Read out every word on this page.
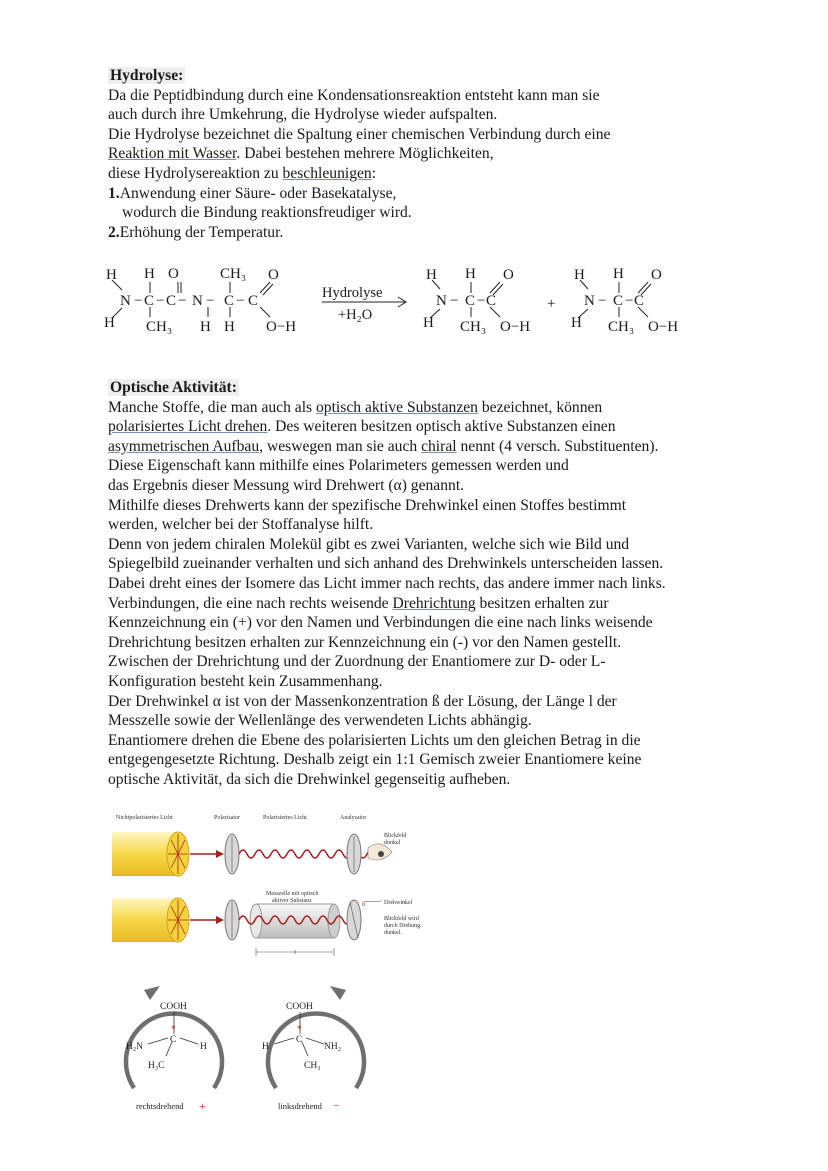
Hydrolyse:

Da die Peptidbindung durch eine Kondensationsreaktion entsteht kann man sie

auch durch ihre Umkehrung, die Hydrolyse wieder aufspalten.

Die Hydrolyse bezeichnet die Spaltung einer chemischen Verbindung durch eine

Reaktion mit Wasser. Dabei bestehen mehrere Möglichkeiten,

diese Hydrolysereaktion zu beschleunigen:

1.Anwendung einer Säure- oder Basekatalyse,

wodurch die Bindung reaktionsfreudiger wird.

2.Erhöhung der Temperatur.

H
H
N − C − C −
H O
CH₃
N
H
− C − C
H
CH₃ O
O−H
Hydrolyse
+H₂O
H
H
N − C − C
H
CH₃
O
O−H
+
H
H
N − C − C
H
CH₃
O
O−H

Optische Aktivität:

Manche Stoffe, die man auch als optisch aktive Substanzen bezeichnet, können

polarisiertes Licht drehen. Des weiteren besitzen optisch aktive Substanzen einen

asymmetrischen Aufbau, weswegen man sie auch chiral nennt (4 versch. Substituenten).

Diese Eigenschaft kann mithilfe eines Polarimeters gemessen werden und

das Ergebnis dieser Messung wird Drehwert (α) genannt.

Mithilfe dieses Drehwerts kann der spezifische Drehwinkel einen Stoffes bestimmt

werden, welcher bei der Stoffanalyse hilft.

Denn von jedem chiralen Molekül gibt es zwei Varianten, welche sich wie Bild und

Spiegelbild zueinander verhalten und sich anhand des Drehwinkels unterscheiden lassen.

Dabei dreht eines der Isomere das Licht immer nach rechts, das andere immer nach links.

Verbindungen, die eine nach rechts weisende Drehrichtung besitzen erhalten zur

Kennzeichnung ein (+) vor den Namen und Verbindungen die eine nach links weisende

Drehrichtung besitzen erhalten zur Kennzeichnung ein (-) vor den Namen gestellt.

Zwischen der Drehrichtung und der Zuordnung der Enantiomere zur D- oder L-

Konfiguration besteht kein Zusammenhang.

Der Drehwinkel α ist von der Massenkonzentration ß der Lösung, der Länge l der

Messzelle sowie der Wellenlänge des verwendeten Lichts abhängig.

Enantiomere drehen die Ebene des polarisierten Lichts um den gleichen Betrag in die

entgegengesetzte Richtung. Deshalb zeigt ein 1:1 Gemisch zweier Enantiomere keine

optische Aktivität, da sich die Drehwinkel gegenseitig aufheben.

Nichtpolarisiertes Licht	Polarisator	Polarisiertes Licht	Analysator
Blickfeld
dunkel
Messzelle mit optisch
aktiver Substanz
α	Drehwinkel
Blickfeld wird
durch Drehung
dunkel.
COOH
C
*
H₂N	H
H₃C
COOH
C
*
H	NH₂
CH₃
rechtsdrehend +	linksdrehend −
